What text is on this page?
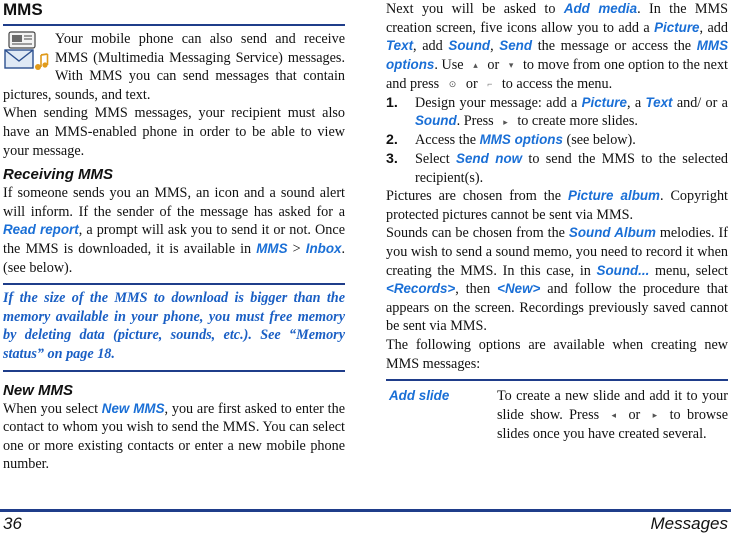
MMS

Your mobile phone can also send and receive MMS (Multimedia Messaging Service) messages. With MMS you can send messages that contain pictures, sounds, and text.

When sending MMS messages, your recipient must also have an MMS-enabled phone in order to be able to view your message.

Receiving MMS

If someone sends you an MMS, an icon and a sound alert will inform. If the sender of the message has asked for a Read report, a prompt will ask you to send it or not. Once the MMS is downloaded, it is available in MMS > Inbox. (see below).

If the size of the MMS to download is bigger than the memory available in your phone, you must free memory by deleting data (picture, sounds, etc.). See “Memory status” on page 18.

New MMS

When you select New MMS, you are first asked to enter the contact to whom you wish to send the MMS. You can select one or more existing contacts or enter a new mobile phone number.

Next you will be asked to Add media. In the MMS creation screen, five icons allow you to add a Picture, add Text, add Sound, Send the message or access the MMS options. Use ▴ or ▾ to move from one option to the next and press ⊙ or ⌐ to access the menu.

1.	Design your message: add a Picture, a Text and/ or a Sound. Press ▸ to create more slides.
2.	Access the MMS options (see below).
3.	Select Send now to send the MMS to the selected recipient(s).

Pictures are chosen from the Picture album. Copyright protected pictures cannot be sent via MMS.

Sounds can be chosen from the Sound Album melodies. If you wish to send a sound memo, you need to record it when creating the MMS. In this case, in Sound... menu, select <Records>, then <New> and follow the procedure that appears on the screen. Recordings previously saved cannot be sent via MMS.

The following options are available when creating new MMS messages:

Add slide	To create a new slide and add it to your slide show. Press ◂ or ▸ to browse slides once you have created several.
36	Messages
